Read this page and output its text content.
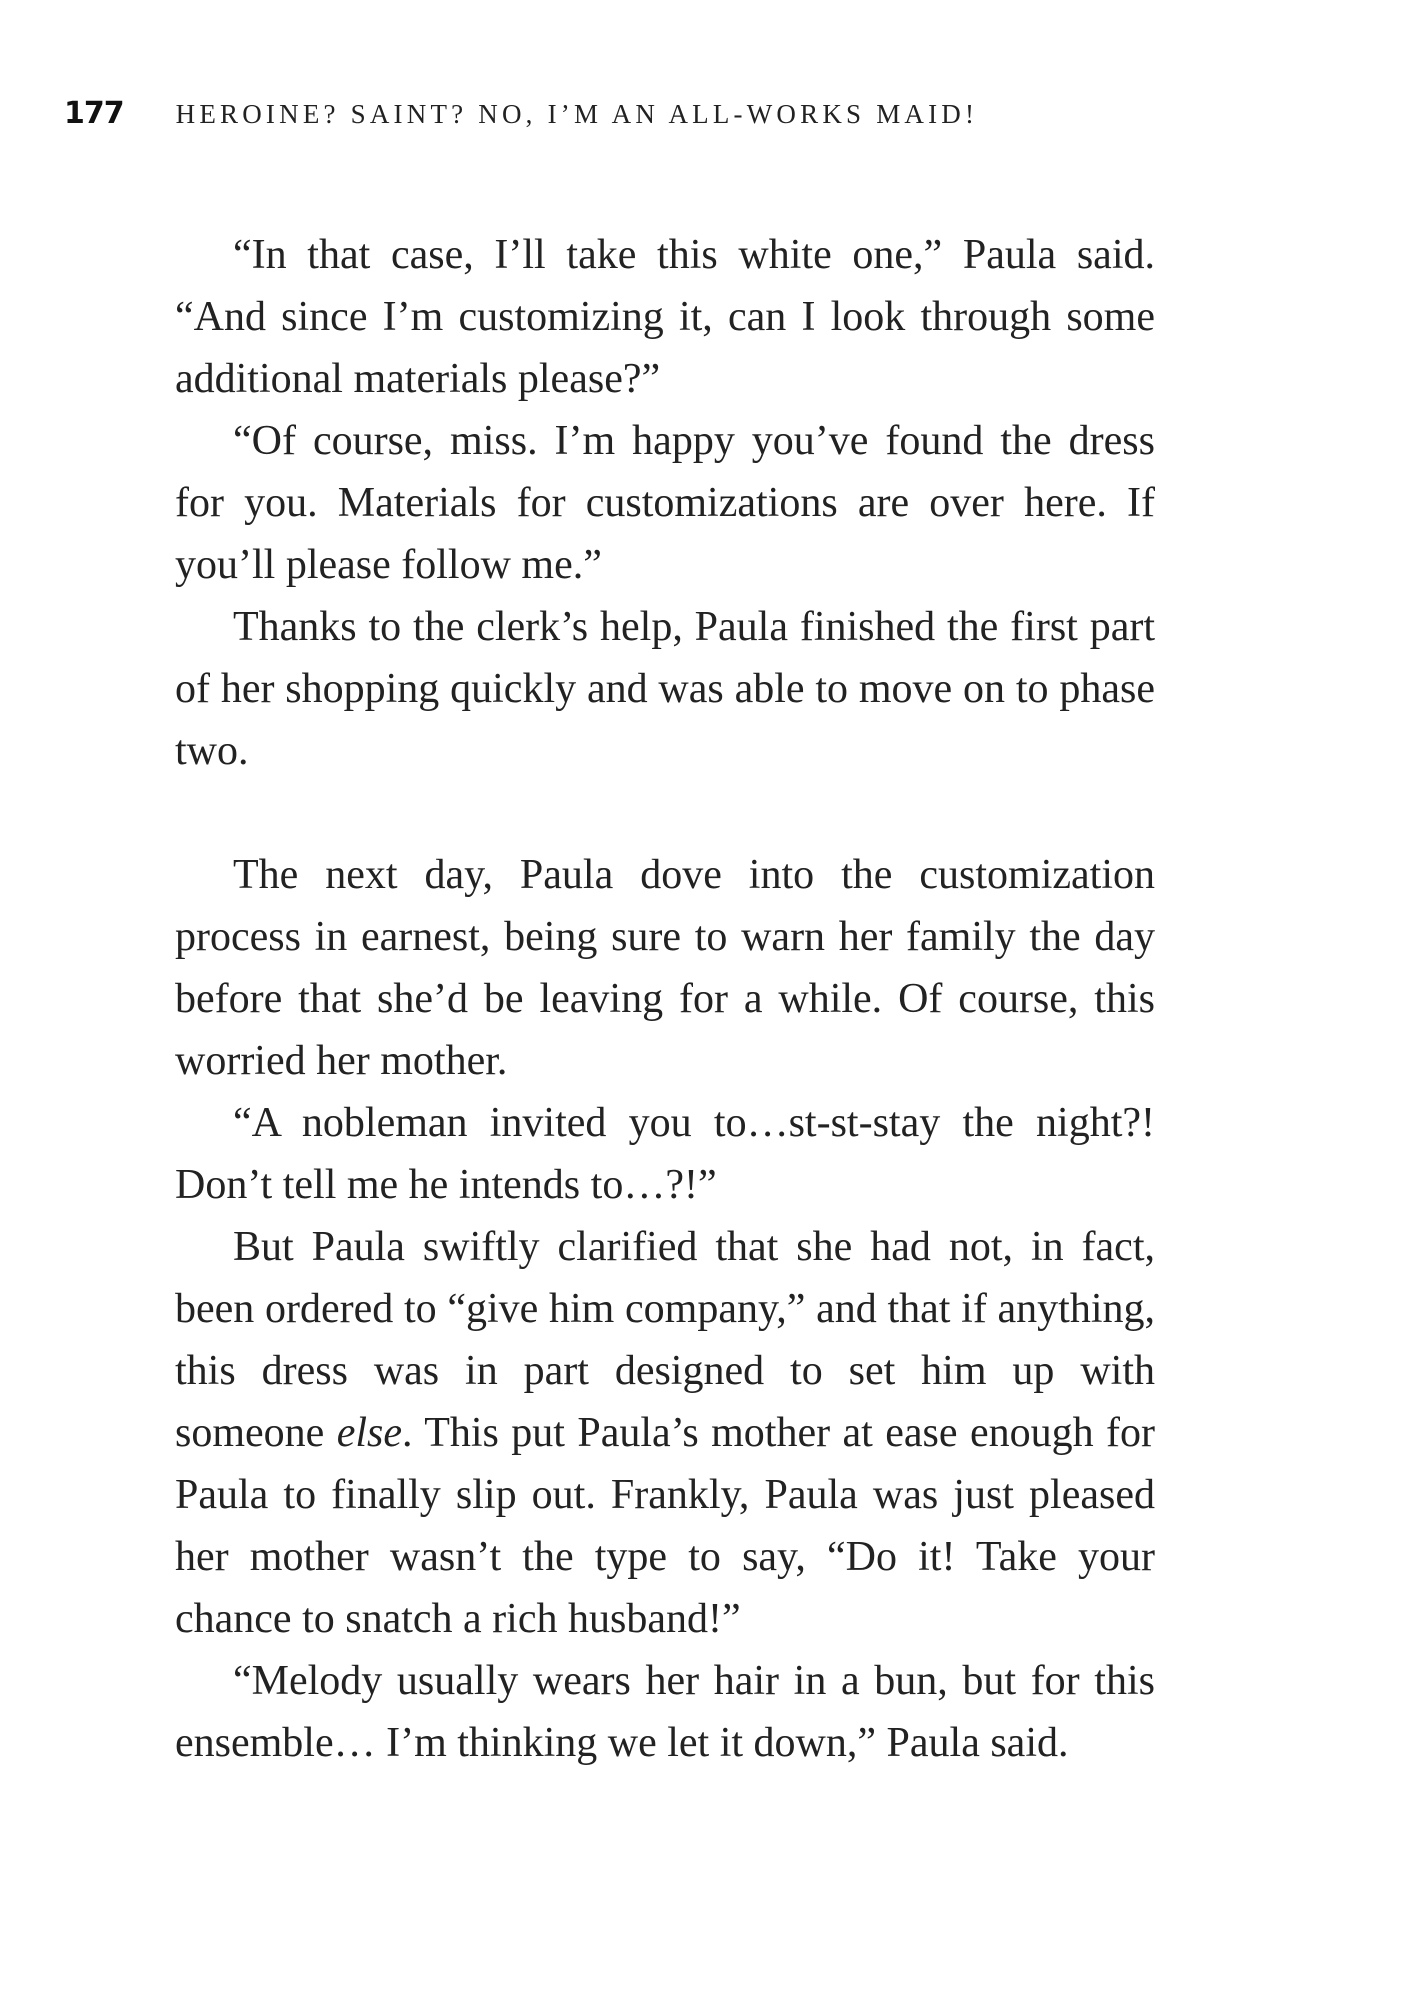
177 HEROINE? SAINT? NO, I’M AN ALL-WORKS MAID!

“In that case, I’ll take this white one,” Paula said. “And since I’m customizing it, can I look through some additional materials please?”

“Of course, miss. I’m happy you’ve found the dress for you. Materials for customizations are over here. If you’ll please follow me.”

Thanks to the clerk’s help, Paula finished the first part of her shopping quickly and was able to move on to phase two.

The next day, Paula dove into the customization process in earnest, being sure to warn her family the day before that she’d be leaving for a while. Of course, this worried her mother.

“A nobleman invited you to…st-st-stay the night?! Don’t tell me he intends to…?!”

But Paula swiftly clarified that she had not, in fact, been ordered to “give him company,” and that if anything, this dress was in part designed to set him up with someone else. This put Paula’s mother at ease enough for Paula to finally slip out. Frankly, Paula was just pleased her mother wasn’t the type to say, “Do it! Take your chance to snatch a rich husband!”

“Melody usually wears her hair in a bun, but for this ensemble… I’m thinking we let it down,” Paula said.
